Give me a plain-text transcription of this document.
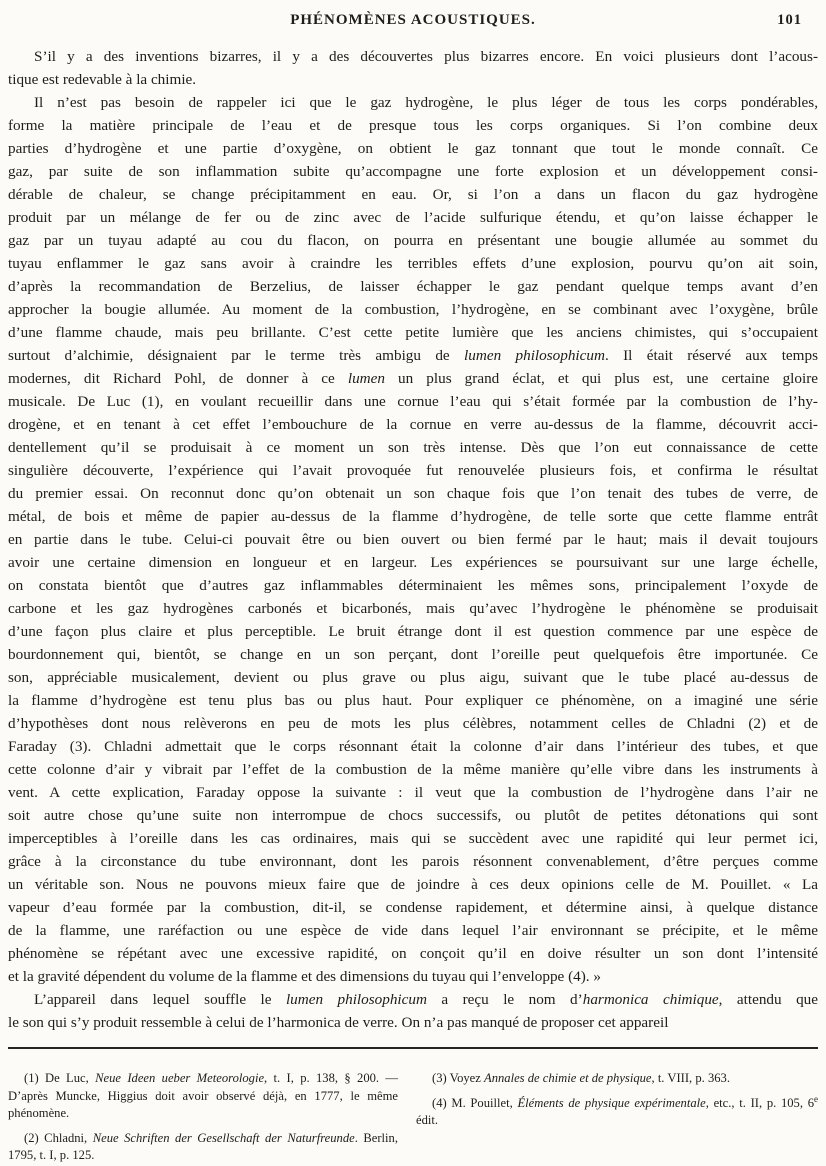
PHÉNOMÈNES ACOUSTIQUES.	101
S’il y a des inventions bizarres, il y a des découvertes plus bizarres encore. En voici plusieurs dont l’acous-
tique est redevable à la chimie.
Il n’est pas besoin de rappeler ici que le gaz hydrogène, le plus léger de tous les corps pondérables,
forme la matière principale de l’eau et de presque tous les corps organiques. Si l’on combine deux
parties d’hydrogène et une partie d’oxygène, on obtient le gaz tonnant que tout le monde connaît. Ce
gaz, par suite de son inflammation subite qu’accompagne une forte explosion et un développement consi-
dérable de chaleur, se change précipitamment en eau. Or, si l’on a dans un flacon du gaz hydrogène
produit par un mélange de fer ou de zinc avec de l’acide sulfurique étendu, et qu’on laisse échapper le
gaz par un tuyau adapté au cou du flacon, on pourra en présentant une bougie allumée au sommet du
tuyau enflammer le gaz sans avoir à craindre les terribles effets d’une explosion, pourvu qu’on ait soin,
d’après la recommandation de Berzelius, de laisser échapper le gaz pendant quelque temps avant d’en
approcher la bougie allumée. Au moment de la combustion, l’hydrogène, en se combinant avec l’oxygène, brûle
d’une flamme chaude, mais peu brillante. C’est cette petite lumière que les anciens chimistes, qui s’occupaient
surtout d’alchimie, désignaient par le terme très ambigu de lumen philosophicum. Il était réservé aux temps
modernes, dit Richard Pohl, de donner à ce lumen un plus grand éclat, et qui plus est, une certaine gloire
musicale. De Luc (1), en voulant recueillir dans une cornue l’eau qui s’était formée par la combustion de l’hy-
drogène, et en tenant à cet effet l’embouchure de la cornue en verre au-dessus de la flamme, découvrit acci-
dentellement qu’il se produisait à ce moment un son très intense. Dès que l’on eut connaissance de cette
singulière découverte, l’expérience qui l’avait provoquée fut renouvelée plusieurs fois, et confirma le résultat
du premier essai. On reconnut donc qu’on obtenait un son chaque fois que l’on tenait des tubes de verre, de
métal, de bois et même de papier au-dessus de la flamme d’hydrogène, de telle sorte que cette flamme entrât
en partie dans le tube. Celui-ci pouvait être ou bien ouvert ou bien fermé par le haut; mais il devait toujours
avoir une certaine dimension en longueur et en largeur. Les expériences se poursuivant sur une large échelle,
on constata bientôt que d’autres gaz inflammables déterminaient les mêmes sons, principalement l’oxyde de
carbone et les gaz hydrogènes carbonés et bicarbonés, mais qu’avec l’hydrogène le phénomène se produisait
d’une façon plus claire et plus perceptible. Le bruit étrange dont il est question commence par une espèce de
bourdonnement qui, bientôt, se change en un son perçant, dont l’oreille peut quelquefois être importunée. Ce
son, appréciable musicalement, devient ou plus grave ou plus aigu, suivant que le tube placé au-dessus de
la flamme d’hydrogène est tenu plus bas ou plus haut. Pour expliquer ce phénomène, on a imaginé une série
d’hypothèses dont nous relèverons en peu de mots les plus célèbres, notamment celles de Chladni (2) et de
Faraday (3). Chladni admettait que le corps résonnant était la colonne d’air dans l’intérieur des tubes, et que
cette colonne d’air y vibrait par l’effet de la combustion de la même manière qu’elle vibre dans les instruments à
vent. A cette explication, Faraday oppose la suivante : il veut que la combustion de l’hydrogène dans l’air ne
soit autre chose qu’une suite non interrompue de chocs successifs, ou plutôt de petites détonations qui sont
imperceptibles à l’oreille dans les cas ordinaires, mais qui se succèdent avec une rapidité qui leur permet ici,
grâce à la circonstance du tube environnant, dont les parois résonnent convenablement, d’être perçues comme
un véritable son. Nous ne pouvons mieux faire que de joindre à ces deux opinions celle de M. Pouillet. « La
vapeur d’eau formée par la combustion, dit-il, se condense rapidement, et détermine ainsi, à quelque distance
de la flamme, une raréfaction ou une espèce de vide dans lequel l’air environnant se précipite, et le même
phénomène se répétant avec une excessive rapidité, on conçoit qu’il en doive résulter un son dont l’intensité
et la gravité dépendent du volume de la flamme et des dimensions du tuyau qui l’enveloppe (4). »
L’appareil dans lequel souffle le lumen philosophicum a reçu le nom d’harmonica chimique, attendu que
le son qui s’y produit ressemble à celui de l’harmonica de verre. On n’a pas manqué de proposer cet appareil
(1) De Luc, Neue Ideen ueber Meteorologie, t. I, p. 138, § 200. — D’après Muncke, Higgius doit avoir observé déjà, en 1777, le même phénomène.
(2) Chladni, Neue Schriften der Gesellschaft der Naturfreunde. Berlin, 1795, t. I, p. 125.
(3) Voyez Annales de chimie et de physique, t. VIII, p. 363.
(4) M. Pouillet, Éléments de physique expérimentale, etc., t. II, p. 105, 6e édit.
